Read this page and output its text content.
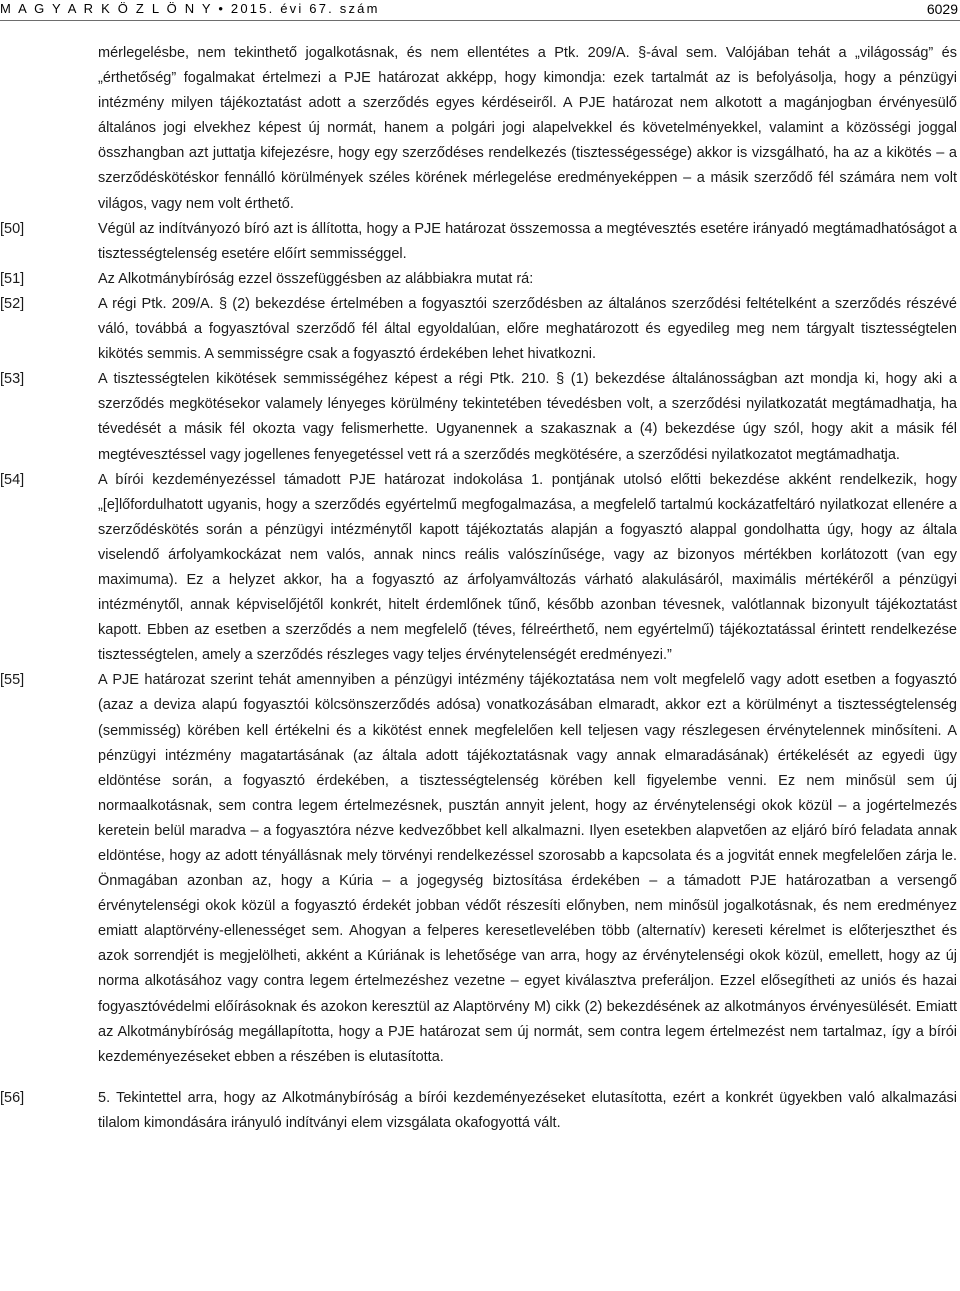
M A G Y A R K Ö Z L Ö N Y • 2015. évi 67. szám	6029

mérlegelésbe, nem tekinthető jogalkotásnak, és nem ellentétes a Ptk. 209/A. §-ával sem. Valójában tehát a „világosság” és „érthetőség” fogalmakat értelmezi a PJE határozat akképp, hogy kimondja: ezek tartalmát az is befolyásolja, hogy a pénzügyi intézmény milyen tájékoztatást adott a szerződés egyes kérdéseiről. A PJE határozat nem alkotott a magánjogban érvényesülő általános jogi elvekhez képest új normát, hanem a polgári jogi alapelvekkel és követelményekkel, valamint a közösségi joggal összhangban azt juttatja kifejezésre, hogy egy szerződéses rendelkezés (tisztességessége) akkor is vizsgálható, ha az a kikötés – a szerződéskötéskor fennálló körülmények széles körének mérlegelése eredményeképpen – a másik szerződő fél számára nem volt világos, vagy nem volt érthető.

[50]	Végül az indítványozó bíró azt is állította, hogy a PJE határozat összemossa a megtévesztés esetére irányadó megtámadhatóságot a tisztességtelenség esetére előírt semmisséggel.

[51]	Az Alkotmánybíróság ezzel összefüggésben az alábbiakra mutat rá:

[52]	A régi Ptk. 209/A. § (2) bekezdése értelmében a fogyasztói szerződésben az általános szerződési feltételként a szerződés részévé váló, továbbá a fogyasztóval szerződő fél által egyoldalúan, előre meghatározott és egyedileg meg nem tárgyalt tisztességtelen kikötés semmis. A semmisségre csak a fogyasztó érdekében lehet hivatkozni.

[53]	A tisztességtelen kikötések semmisségéhez képest a régi Ptk. 210. § (1) bekezdése általánosságban azt mondja ki, hogy aki a szerződés megkötésekor valamely lényeges körülmény tekintetében tévedésben volt, a szerződési nyilatkozatát megtámadhatja, ha tévedését a másik fél okozta vagy felismerhette. Ugyanennek a szakasznak a (4) bekezdése úgy szól, hogy akit a másik fél megtévesztéssel vagy jogellenes fenyegetéssel vett rá a szerződés megkötésére, a szerződési nyilatkozatot megtámadhatja.

[54]	A bírói kezdeményezéssel támadott PJE határozat indokolása 1. pontjának utolsó előtti bekezdése akként rendelkezik, hogy „[e]lőfordulhatott ugyanis, hogy a szerződés egyértelmű megfogalmazása, a megfelelő tartalmú kockázatfeltáró nyilatkozat ellenére a szerződéskötés során a pénzügyi intézménytől kapott tájékoztatás alapján a fogyasztó alappal gondolhatta úgy, hogy az általa viselendő árfolyamkockázat nem valós, annak nincs reális valószínűsége, vagy az bizonyos mértékben korlátozott (van egy maximuma). Ez a helyzet akkor, ha a fogyasztó az árfolyamváltozás várható alakulásáról, maximális mértékéről a pénzügyi intézménytől, annak képviselőjétől konkrét, hitelt érdemlőnek tűnő, később azonban tévesnek, valótlannak bizonyult tájékoztatást kapott. Ebben az esetben a szerződés a nem megfelelő (téves, félreérthető, nem egyértelmű) tájékoztatással érintett rendelkezése tisztességtelen, amely a szerződés részleges vagy teljes érvénytelenségét eredményezi.”

[55]	A PJE határozat szerint tehát amennyiben a pénzügyi intézmény tájékoztatása nem volt megfelelő vagy adott esetben a fogyasztó (azaz a deviza alapú fogyasztói kölcsönszerződés adósa) vonatkozásában elmaradt, akkor ezt a körülményt a tisztességtelenség (semmisség) körében kell értékelni és a kikötést ennek megfelelően kell teljesen vagy részlegesen érvénytelennek minősíteni. A pénzügyi intézmény magatartásának (az általa adott tájékoztatásnak vagy annak elmaradásának) értékelését az egyedi ügy eldöntése során, a fogyasztó érdekében, a tisztességtelenség körében kell figyelembe venni. Ez nem minősül sem új normaalkotásnak, sem contra legem értelmezésnek, pusztán annyit jelent, hogy az érvénytelenségi okok közül – a jogértelmezés keretein belül maradva – a fogyasztóra nézve kedvezőbbet kell alkalmazni. Ilyen esetekben alapvetően az eljáró bíró feladata annak eldöntése, hogy az adott tényállásnak mely törvényi rendelkezéssel szorosabb a kapcsolata és a jogvitát ennek megfelelően zárja le. Önmagában azonban az, hogy a Kúria – a jogegység biztosítása érdekében – a támadott PJE határozatban a versengő érvénytelenségi okok közül a fogyasztó érdekét jobban védőt részesíti előnyben, nem minősül jogalkotásnak, és nem eredményez emiatt alaptörvény-ellenességet sem. Ahogyan a felperes keresetlevelében több (alternatív) kereseti kérelmet is előterjeszthet és azok sorrendjét is megjelölheti, akként a Kúriának is lehetősége van arra, hogy az érvénytelenségi okok közül, emellett, hogy az új norma alkotásához vagy contra legem értelmezéshez vezetne – egyet kiválasztva preferáljon. Ezzel elősegítheti az uniós és hazai fogyasztóvédelmi előírásoknak és azokon keresztül az Alaptörvény M) cikk (2) bekezdésének az alkotmányos érvényesülését. Emiatt az Alkotmánybíróság megállapította, hogy a PJE határozat sem új normát, sem contra legem értelmezést nem tartalmaz, így a bírói kezdeményezéseket ebben a részében is elutasította.

[56]	5. Tekintettel arra, hogy az Alkotmánybíróság a bírói kezdeményezéseket elutasította, ezért a konkrét ügyekben való alkalmazási tilalom kimondására irányuló indítványi elem vizsgálata okafogyottá vált.
